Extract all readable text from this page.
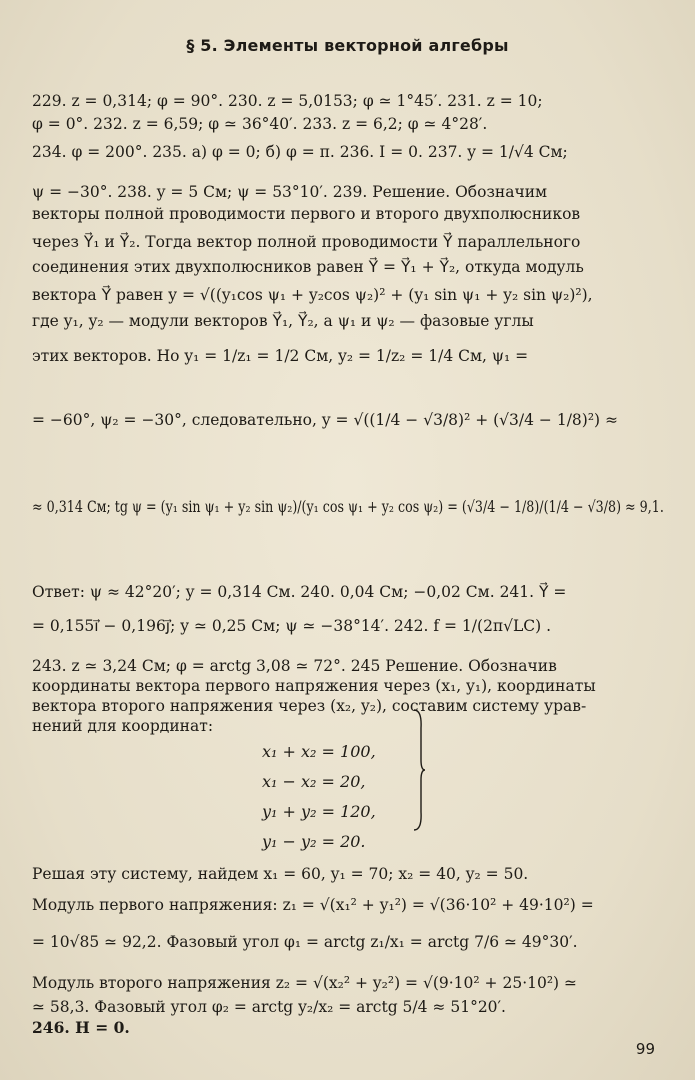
§ 5. Элементы векторной алгебры
229. z = 0,314; φ = 90°. 230. z = 5,0153; φ ≃ 1°45′. 231. z = 10;
φ = 0°. 232. z = 6,59; φ ≃ 36°40′. 233. z = 6,2; φ ≃ 4°28′.
234. φ = 200°. 235. а) φ = 0; б) φ = π. 236. I = 0. 237. y = 1/√4 См;
ψ = −30°. 238. y = 5 См; ψ = 53°10′. 239. Решение. Обозначим
векторы полной проводимости первого и второго двухполюсников
через Y⃗₁ и Y⃗₂. Тогда вектор полной проводимости Y⃗ параллельного
соединения этих двухполюсников равен Y⃗ = Y⃗₁ + Y⃗₂, откуда модуль
вектора Y⃗ равен y = √((y₁cos ψ₁ + y₂cos ψ₂)² + (y₁ sin ψ₁ + y₂ sin ψ₂)²),
где y₁, y₂ — модули векторов Y⃗₁, Y⃗₂, а ψ₁ и ψ₂ — фазовые углы
этих векторов. Но y₁ = 1/z₁ = 1/2 См, y₂ = 1/z₂ = 1/4 См, ψ₁ =
= −60°, ψ₂ = −30°, следовательно, y = √((1/4 − √3/8)² + (√3/4 − 1/8)²) ≈
≈ 0,314 См; tg ψ = (y₁ sin ψ₁ + y₂ sin ψ₂)/(y₁ cos ψ₁ + y₂ cos ψ₂) = (√3/4 − 1/8)/(1/4 − √3/8) ≈ 9,1.
Ответ: ψ ≈ 42°20′; y = 0,314 См. 240. 0,04 См; −0,02 См. 241. Y⃗ =
= 0,155i⃗ − 0,196j⃗; y ≃ 0,25 См; ψ ≃ −38°14′. 242. f = 1/(2π√LC) .
243. z ≃ 3,24 См; φ = arctg 3,08 ≃ 72°. 245 Решение. Обозначив
координаты вектора первого напряжения через (x₁, y₁), координаты
вектора второго напряжения через (x₂, y₂), составим систему урав-
нений для координат:
x₁ + x₂ = 100,
x₁ − x₂ = 20,
y₁ + y₂ = 120,
y₁ − y₂ = 20.
Решая эту систему, найдем x₁ = 60, y₁ = 70; x₂ = 40, y₂ = 50.
Модуль первого напряжения: z₁ = √(x₁² + y₁²) = √(36·10² + 49·10²) =
= 10√85 ≃ 92,2. Фазовый угол φ₁ = arctg z₁/x₁ = arctg 7/6 ≃ 49°30′.
Модуль второго напряжения z₂ = √(x₂² + y₂²) = √(9·10² + 25·10²) ≃
≃ 58,3. Фазовый угол φ₂ = arctg y₂/x₂ = arctg 5/4 ≈ 51°20′.
246. H = 0.
99
